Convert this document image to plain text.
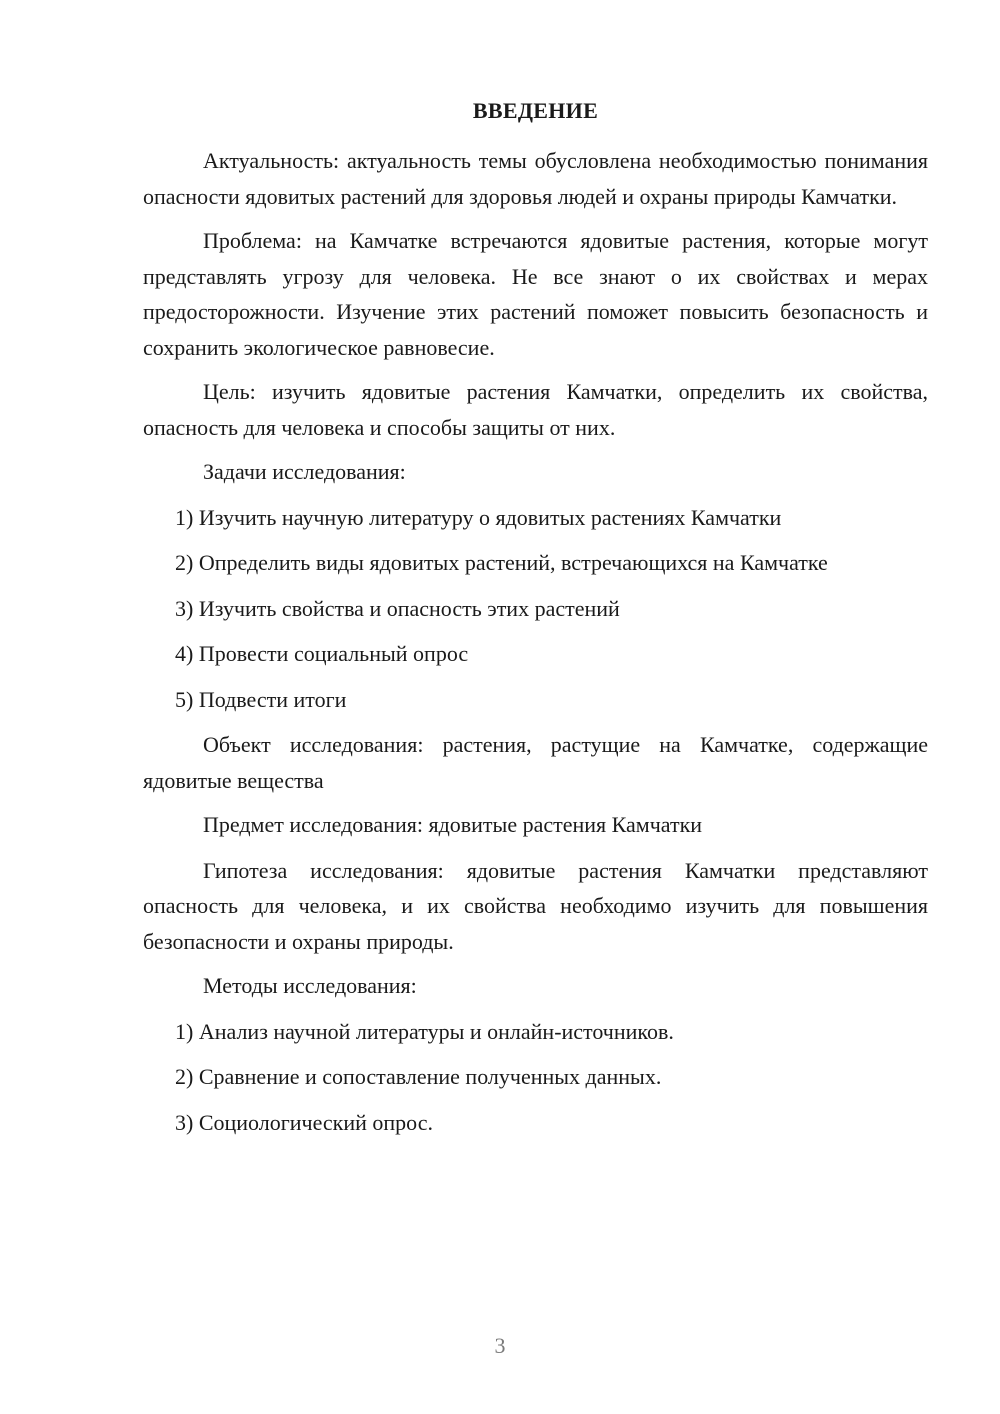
ВВЕДЕНИЕ

Актуальность: актуальность темы обусловлена необходимостью понимания опасности ядовитых растений для здоровья людей и охраны природы Камчатки.

Проблема: на Камчатке встречаются ядовитые растения, которые могут представлять угрозу для человека. Не все знают о их свойствах и мерах предосторожности. Изучение этих растений поможет повысить безопасность и сохранить экологическое равновесие.

Цель: изучить ядовитые растения Камчатки, определить их свойства, опасность для человека и способы защиты от них.

Задачи исследования:

1) Изучить научную литературу о ядовитых растениях Камчатки
2) Определить виды ядовитых растений, встречающихся на Камчатке
3) Изучить свойства и опасность этих растений
4) Провести социальный опрос
5) Подвести итоги

Объект исследования: растения, растущие на Камчатке, содержащие ядовитые вещества

Предмет исследования: ядовитые растения Камчатки

Гипотеза исследования: ядовитые растения Камчатки представляют опасность для человека, и их свойства необходимо изучить для повышения безопасности и охраны природы.

Методы исследования:

1) Анализ научной литературы и онлайн-источников.
2) Сравнение и сопоставление полученных данных.
3) Социологический опрос.
3
